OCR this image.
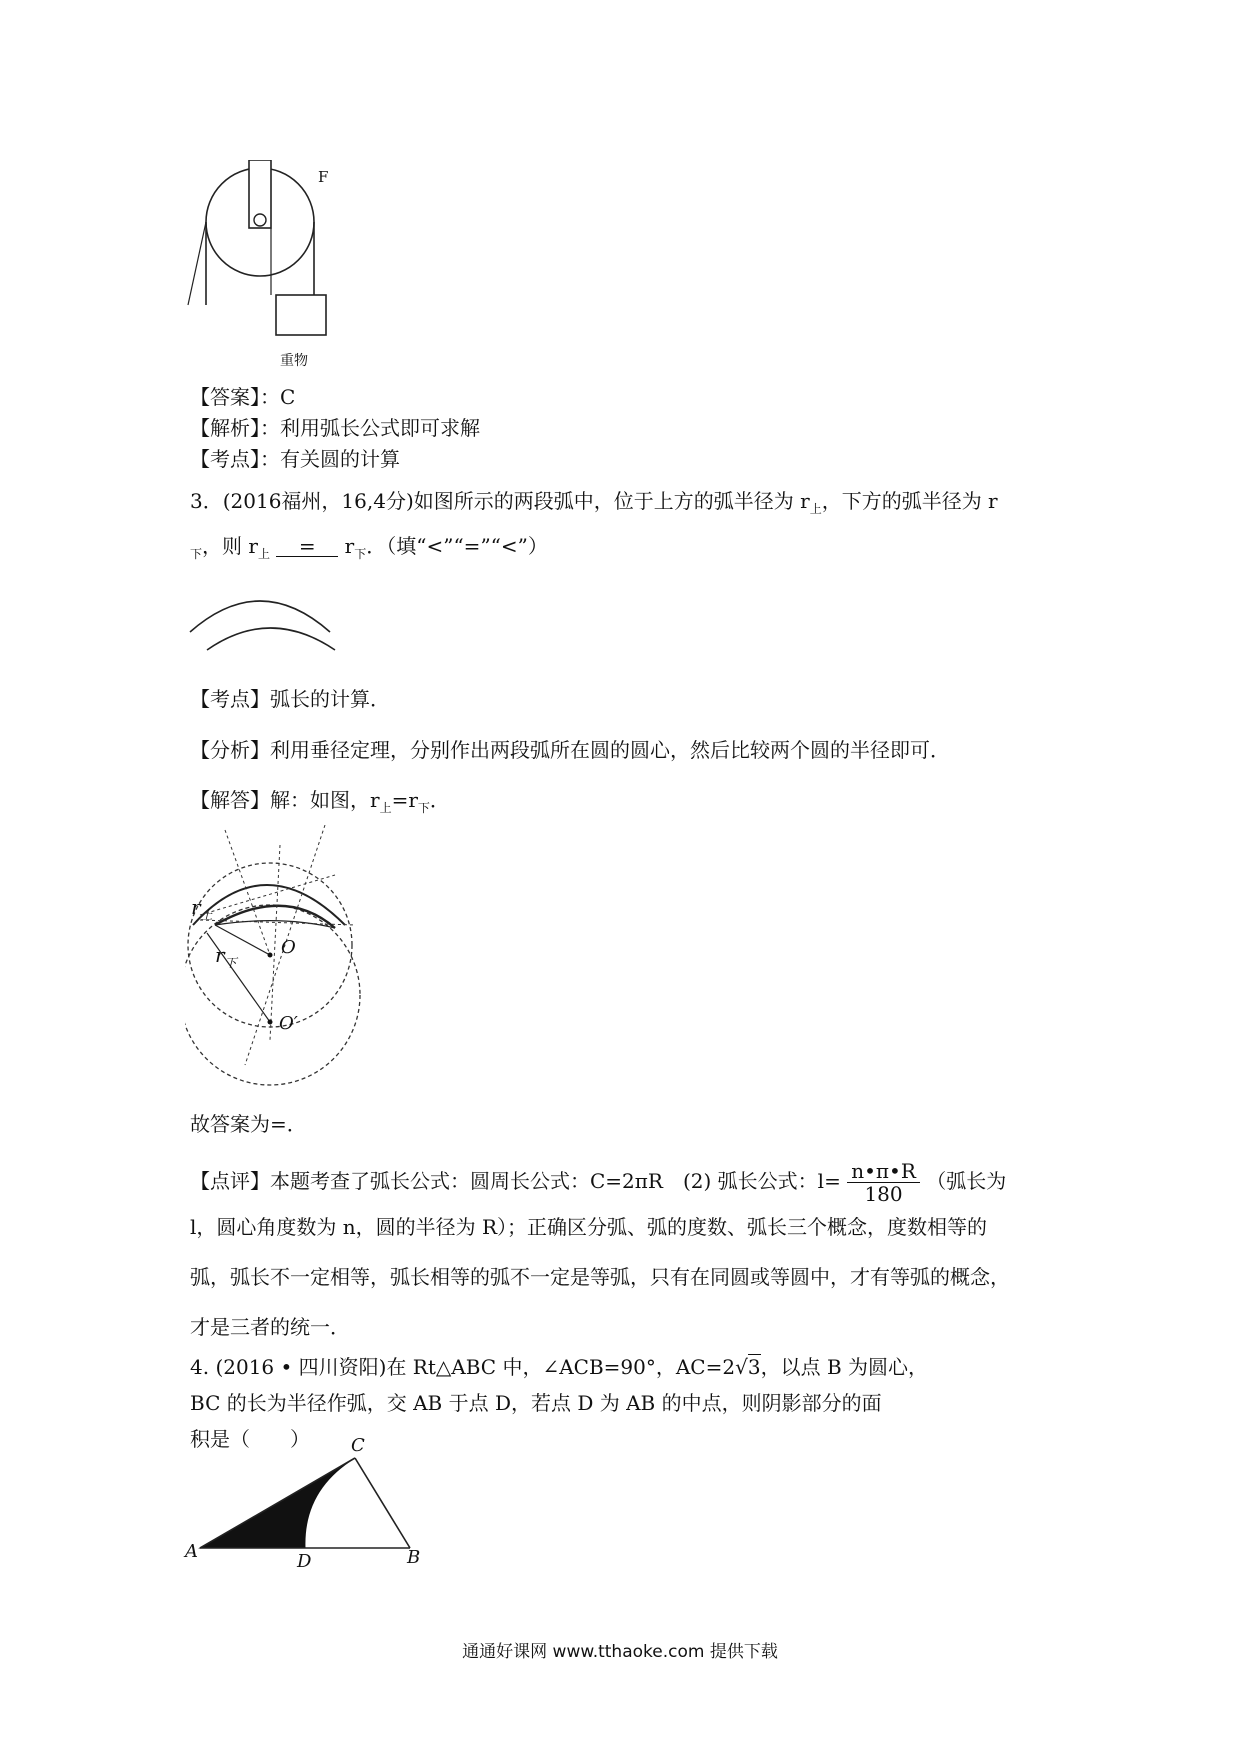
F
重物
【答案】：C
【解析】：利用弧长公式即可求解
【考点】：有关圆的计算
3．(2016福州，16,4分)如图所示的两段弧中，位于上方的弧半径为 $r_上$，下方的弧半径为 r
$_下$，则 $r_上 = r_下$．（填“<”“=”“<”）
【考点】弧长的计算．
【分析】利用垂径定理，分别作出两段弧所在圆的圆心，然后比较两个圆的半径即可．
【解答】解：如图，$r_上=r_下$．
$r_上$
$r_下$
O
O′
故答案为=．
【点评】本题考查了弧长公式：圆周长公式：C=2πR　(2) 弧长公式：$l= \frac{n•\pi•R}{180}$ （弧长为
l，圆心角度数为 n，圆的半径为 R）；正确区分弧、弧的度数、弧长三个概念，度数相等的
弧，弧长不一定相等，弧长相等的弧不一定是等弧，只有在同圆或等圆中，才有等弧的概念，
才是三者的统一．
4. (2016 • 四川资阳)在 Rt△ABC 中，∠ACB=90°，AC=2√3，以点 B 为圆心，
BC 的长为半径作弧，交 AB 于点 D，若点 D 为 AB 的中点，则阴影部分的面
积是（　　）
A	B
C
D
通通好课网 www.tthaoke.com 提供下载
